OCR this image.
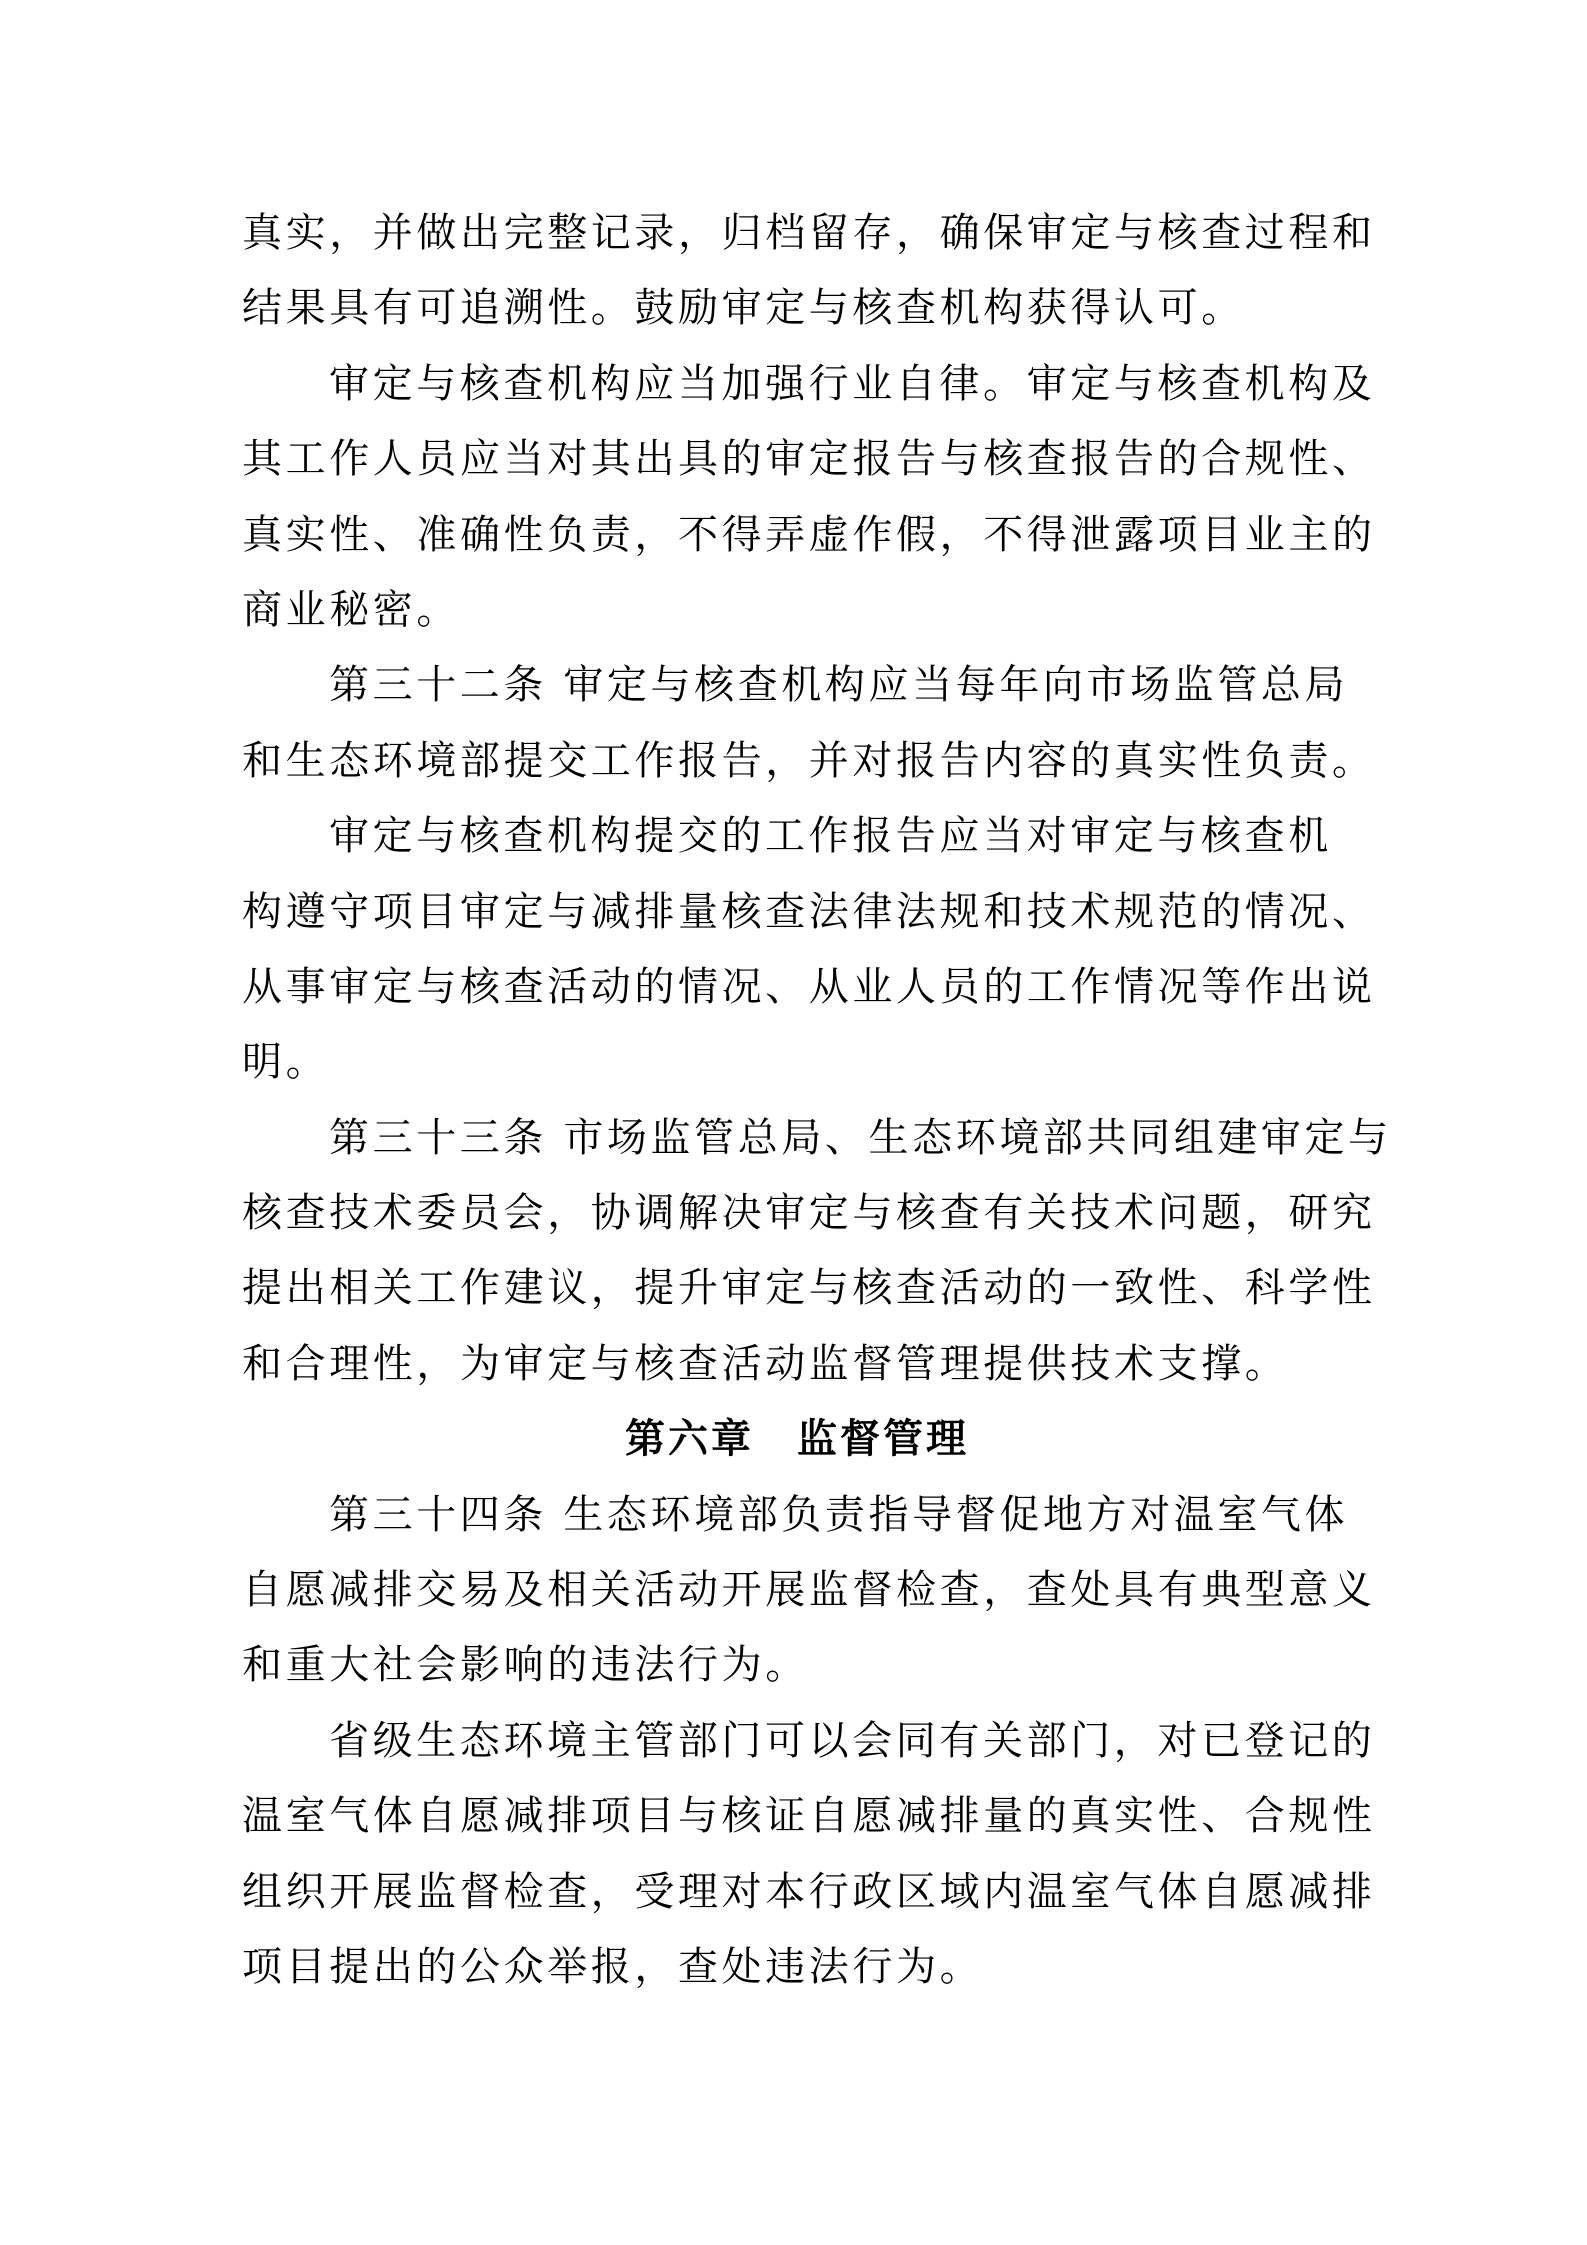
真实，并做出完整记录，归档留存，确保审定与核查过程和
结果具有可追溯性。鼓励审定与核查机构获得认可。
审定与核查机构应当加强行业自律。审定与核查机构及
其工作人员应当对其出具的审定报告与核查报告的合规性、
真实性、准确性负责，不得弄虚作假，不得泄露项目业主的
商业秘密。
第三十二条 审定与核查机构应当每年向市场监管总局
和生态环境部提交工作报告，并对报告内容的真实性负责。
审定与核查机构提交的工作报告应当对审定与核查机
构遵守项目审定与减排量核查法律法规和技术规范的情况、
从事审定与核查活动的情况、从业人员的工作情况等作出说
明。
第三十三条 市场监管总局、生态环境部共同组建审定与
核查技术委员会，协调解决审定与核查有关技术问题，研究
提出相关工作建议，提升审定与核查活动的一致性、科学性
和合理性，为审定与核查活动监督管理提供技术支撑。
第六章　监督管理
第三十四条 生态环境部负责指导督促地方对温室气体
自愿减排交易及相关活动开展监督检查，查处具有典型意义
和重大社会影响的违法行为。
省级生态环境主管部门可以会同有关部门，对已登记的
温室气体自愿减排项目与核证自愿减排量的真实性、合规性
组织开展监督检查，受理对本行政区域内温室气体自愿减排
项目提出的公众举报，查处违法行为。
